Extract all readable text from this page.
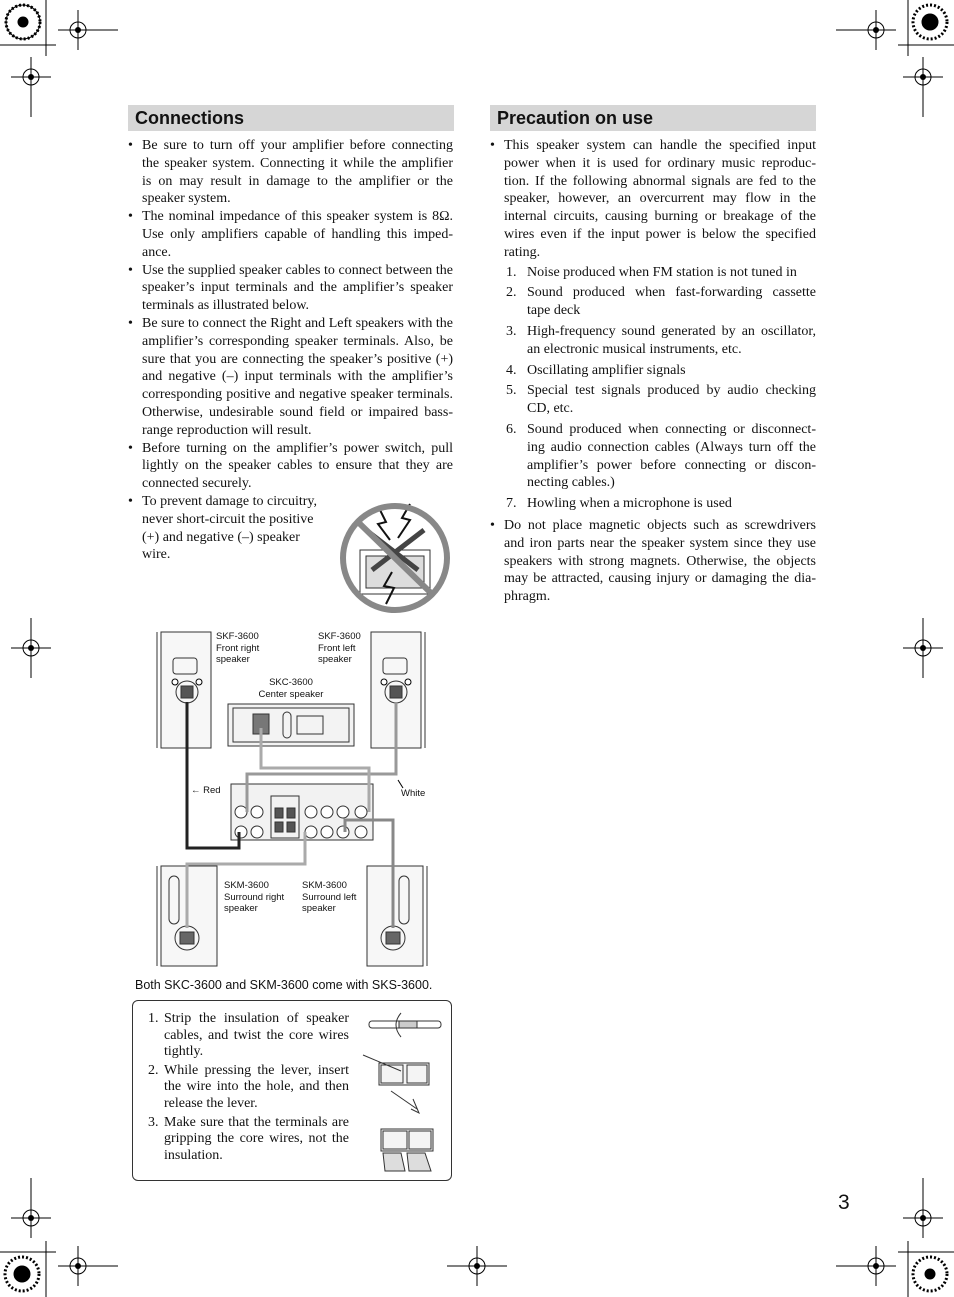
Connections
• Be sure to turn off your amplifier before connecting the speaker system. Connecting it while the amplifier is on may result in damage to the amplifier or the speaker system.
• The nominal impedance of this speaker system is 8Ω. Use only amplifiers capable of handling this imped-ance.
• Use the supplied speaker cables to connect between the speaker’s input terminals and the amplifier’s speaker terminals as illustrated below.
• Be sure to connect the Right and Left speakers with the amplifier’s corresponding speaker terminals. Also, be sure that you are connecting the speaker’s positive (+) and negative (–) input terminals with the amplifier’s corresponding positive and negative speaker terminals. Otherwise, undesirable sound field or impaired bass-range reproduction will result.
• Before turning on the amplifier’s power switch, pull lightly on the speaker cables to ensure that they are connected securely.
• To prevent damage to circuitry, never short-circuit the positive (+) and negative (–) speaker wire.
SKF-3600
Front right
speaker
SKF-3600
Front left
speaker
SKC-3600
Center speaker
← Red	White
SKM-3600
Surround right
speaker
SKM-3600
Surround left
speaker
Both SKC-3600 and SKM-3600 come with SKS-3600.
1. Strip the insulation of speaker cables, and twist the core wires tightly.
2. While pressing the lever, insert the wire into the hole, and then release the lever.
3. Make sure that the terminals are gripping the core wires, not the insulation.
Precaution on use
• This speaker system can handle the specified input power when it is used for ordinary music reproduc-tion. If the following abnormal signals are fed to the speaker, however, an overcurrent may flow in the internal circuits, causing burning or breakage of the wires even if the input power is below the specified rating.
1. Noise produced when FM station is not tuned in
2. Sound produced when fast-forwarding cassette tape deck
3. High-frequency sound generated by an oscillator, an electronic musical instruments, etc.
4. Oscillating amplifier signals
5. Special test signals produced by audio checking CD, etc.
6. Sound produced when connecting or disconnect-ing audio connection cables (Always turn off the amplifier’s power before connecting or discon-necting cables.)
7. Howling when a microphone is used
• Do not place magnetic objects such as screwdrivers and iron parts near the speaker system since they use speakers with strong magnets. Otherwise, the objects may be attracted, causing injury or damaging the dia-phragm.
3
